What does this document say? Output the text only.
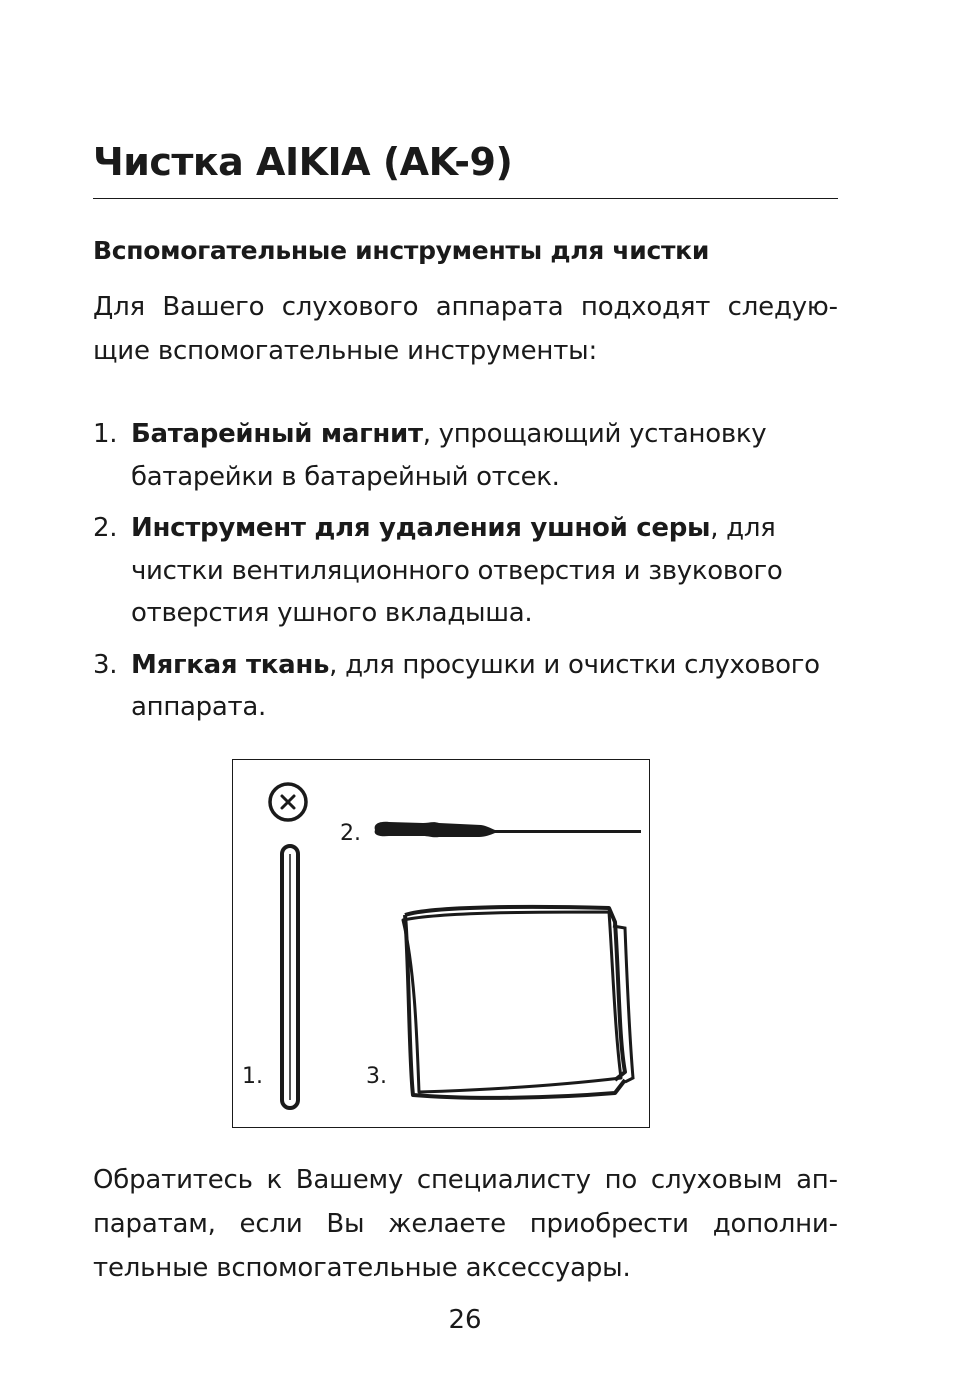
Чистка AIKIA (AK-9)
Вспомогательные инструменты для чистки

Для Вашего слухового аппарата подходят следующие вспомогательные инструменты:

1. Батарейный магнит, упрощающий установку батарейки в батарейный отсек.
2. Инструмент для удаления ушной серы, для чистки вентиляционного отверстия и звукового отверстия ушного вкладыша.
3. Мягкая ткань, для просушки и очистки слухового аппарата.
1.
2.
3.

Обратитесь к Вашему специалисту по слуховым аппаратам, если Вы желаете приобрести дополнительные вспомогательные аксессуары.

26
